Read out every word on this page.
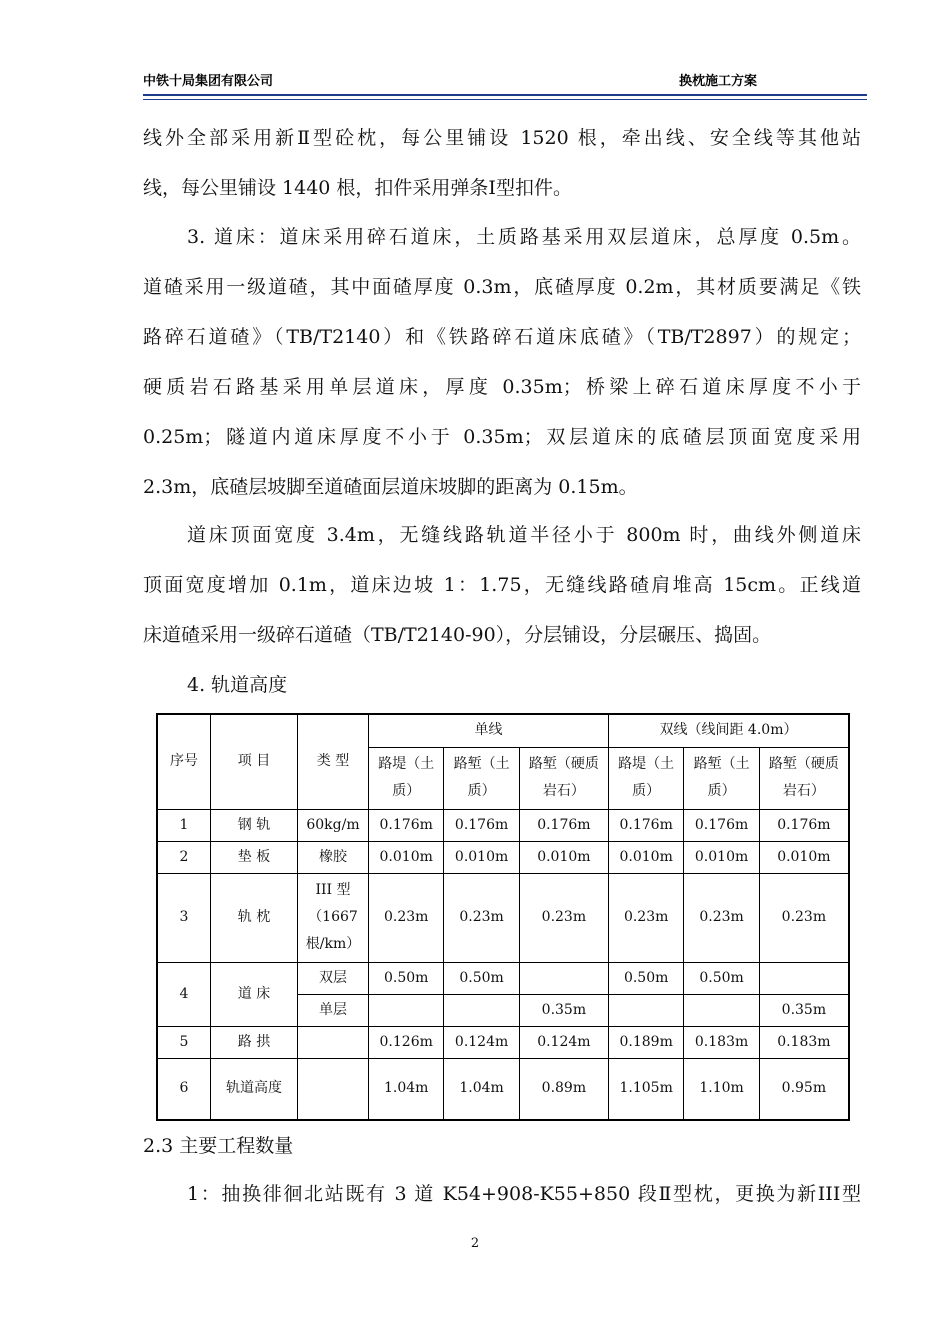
中铁十局集团有限公司	换枕施工方案

线外全部采用新Ⅱ型砼枕，每公里铺设 1520 根，牵出线、安全线等其他站
线，每公里铺设 1440 根，扣件采用弹条Ⅰ型扣件。

3. 道床：道床采用碎石道床，土质路基采用双层道床，总厚度 0.5m。
道碴采用一级道碴，其中面碴厚度 0.3m，底碴厚度 0.2m，其材质要满足《铁
路碎石道碴》（TB/T2140）和《铁路碎石道床底碴》（TB/T2897）的规定；
硬质岩石路基采用单层道床，厚度 0.35m；桥梁上碎石道床厚度不小于
0.25m；隧道内道床厚度不小于 0.35m；双层道床的底碴层顶面宽度采用
2.3m，底碴层坡脚至道碴面层道床坡脚的距离为 0.15m。

道床顶面宽度 3.4m，无缝线路轨道半径小于 800m 时，曲线外侧道床
顶面宽度增加 0.1m，道床边坡 1：1.75，无缝线路碴肩堆高 15cm。正线道
床道碴采用一级碎石道碴（TB/T2140-90），分层铺设，分层碾压、捣固。

4. 轨道高度
序号	项 目	类 型	单线			双线（线间距 4.0m）		
			路堤（土质）	路堑（土质）	路堑（硬质岩石）	路堤（土质）	路堑（土质）	路堑（硬质岩石）
1	钢 轨	60kg/m	0.176m	0.176m	0.176m	0.176m	0.176m	0.176m
2	垫 板	橡胶	0.010m	0.010m	0.010m	0.010m	0.010m	0.010m
3	轨 枕	III 型（1667 根/km）	0.23m	0.23m	0.23m	0.23m	0.23m	0.23m
4	道 床	双层	0.50m	0.50m		0.50m	0.50m	
		单层			0.35m			0.35m
5	路 拱		0.126m	0.124m	0.124m	0.189m	0.183m	0.183m
6	轨道高度		1.04m	1.04m	0.89m	1.105m	1.10m	0.95m
2.3 主要工程数量

1：抽换徘徊北站既有 3 道 K54+908-K55+850 段Ⅱ型枕，更换为新III型

2
